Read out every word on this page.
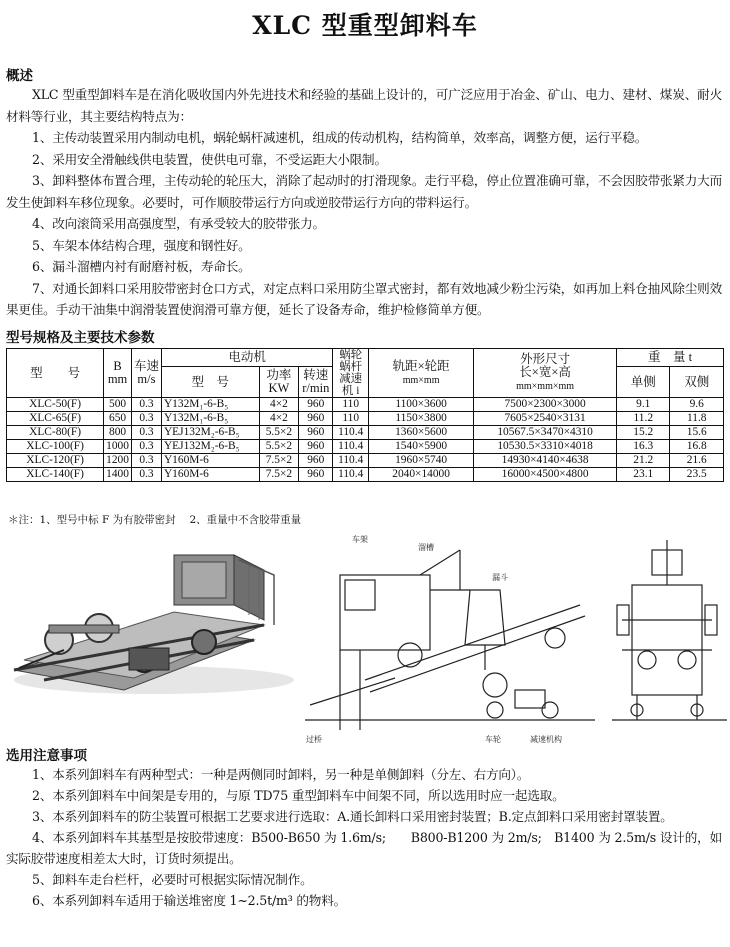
XLC 型重型卸料车
概述

XLC 型重型卸料车是在消化吸收国内外先进技术和经验的基础上设计的，可广泛应用于冶金、矿山、电力、建材、煤炭、耐火材料等行业，其主要结构特点为：

1、主传动装置采用内制动电机，蜗轮蜗杆减速机，组成的传动机构，结构简单，效率高，调整方便，运行平稳。

2、采用安全滑触线供电装置，使供电可靠，不受运距大小限制。

3、卸料整体布置合理，主传动轮的轮压大，消除了起动时的打滑现象。走行平稳，停止位置准确可靠，不会因胶带张紧力大而发生使卸料车移位现象。必要时，可作顺胶带运行方向或逆胶带运行方向的带料运行。

4、改向滚筒采用高强度型，有承受较大的胶带张力。

5、车架本体结构合理，强度和钢性好。

6、漏斗溜槽内衬有耐磨衬板，寿命长。

7、对通长卸料口采用胶带密封仓口方式，对定点料口采用防尘罩式密封，都有效地减少粉尘污染，如再加上料仓抽风除尘则效果更佳。手动干油集中润滑装置使润滑可靠方便，延长了设备寿命，维护检修简单方便。

型号规格及主要技术参数
型　　号	B
mm	车速
m/s	电动机			蜗轮蜗杆减速机 i	轨距×轮距
mm×mm	外形尺寸
长×宽×高
mm×mm×mm	重　量 t	
			型　号	功率
KW	转速
r/min				单侧	双侧

XLC-50(F)	500	0.3	Y132M₁-6-B₅	4×2	960	110	1100×3600	7500×2300×3000	9.1	9.6
XLC-65(F)	650	0.3	Y132M₁-6-B₅	4×2	960	110	1150×3800	7605×2540×3131	11.2	11.8
XLC-80(F)	800	0.3	YEJ132M₂-6-B₅	5.5×2	960	110.4	1360×5600	10567.5×3470×4310	15.2	15.6
XLC-100(F)	1000	0.3	YEJ132M₂-6-B₅	5.5×2	960	110.4	1540×5900	10530.5×3310×4018	16.3	16.8
XLC-120(F)	1200	0.3	Y160M-6	7.5×2	960	110.4	1960×5740	14930×4140×4638	21.2	21.6
XLC-140(F)	1400	0.3	Y160M-6	7.5×2	960	110.4	2040×14000	16000×4500×4800	23.1	23.5
＊注：1、型号中标 F 为有胶带密封　 2、重量中不含胶带重量
车架
溜槽
漏斗
过桥	车轮	减速机构
选用注意事项

1、本系列卸料车有两种型式：一种是两侧同时卸料，另一种是单侧卸料（分左、右方向）。

2、本系列卸料车中间架是专用的，与原 TD75 重型卸料车中间架不同，所以选用时应一起选取。

3、本系列卸料车的防尘装置可根据工艺要求进行选取：A.通长卸料口采用密封装置；B.定点卸料口采用密封罩装置。

4、本系列卸料车其基型是按胶带速度：B500-B650 为 1.6m/s;　　B800-B1200 为 2m/s;　B1400 为 2.5m/s 设计的，如实际胶带速度相差太大时，订货时须提出。

5、卸料车走台栏杆，必要时可根据实际情况制作。

6、本系列卸料车适用于输送堆密度 1~2.5t/m³ 的物料。
